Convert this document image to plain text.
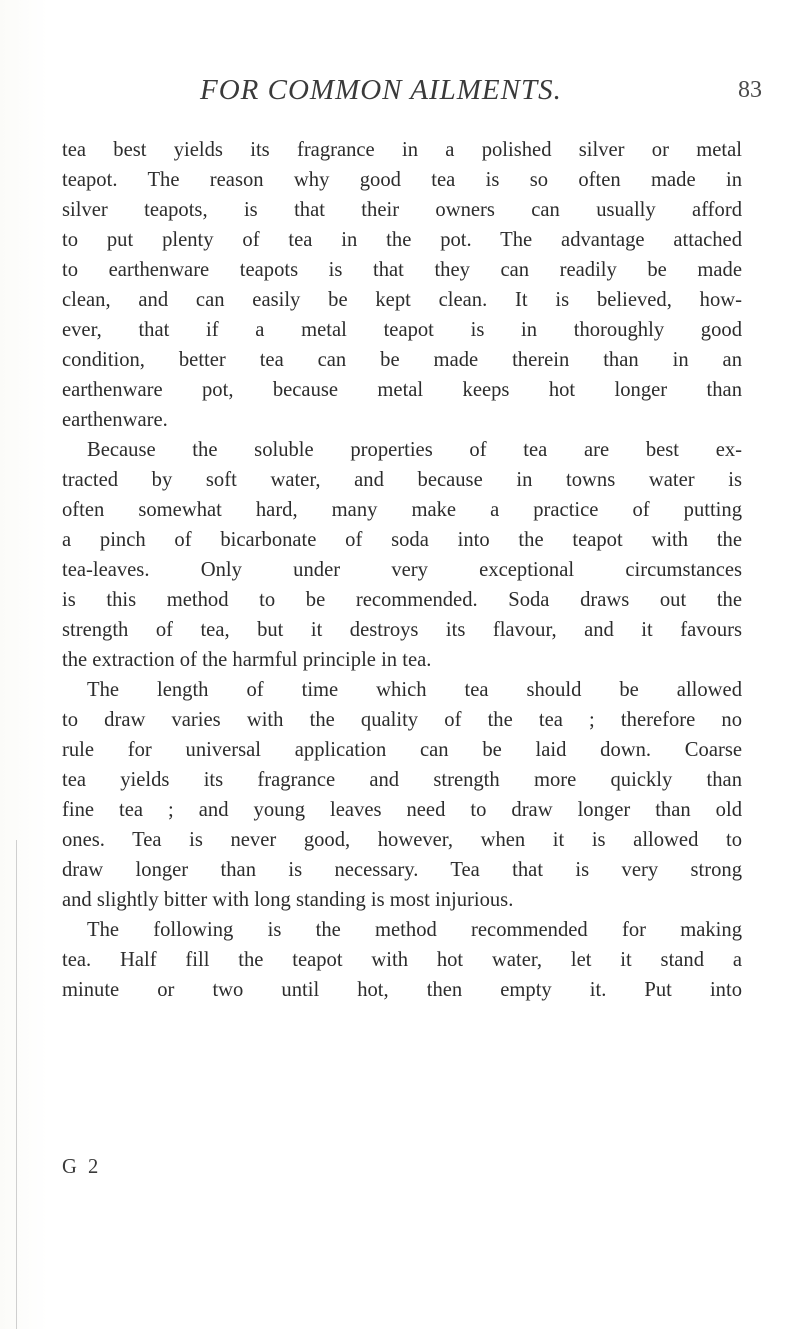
FOR COMMON AILMENTS.	83
tea best yields its fragrance in a polished silver or metal
teapot. The reason why good tea is so often made in
silver teapots, is that their owners can usually afford
to put plenty of tea in the pot. The advantage attached
to earthenware teapots is that they can readily be made
clean, and can easily be kept clean. It is believed, how-
ever, that if a metal teapot is in thoroughly good
condition, better tea can be made therein than in an
earthenware pot, because metal keeps hot longer than
earthenware.
Because the soluble properties of tea are best ex-
tracted by soft water, and because in towns water is
often somewhat hard, many make a practice of putting
a pinch of bicarbonate of soda into the teapot with the
tea-leaves. Only under very exceptional circumstances
is this method to be recommended. Soda draws out the
strength of tea, but it destroys its flavour, and it favours
the extraction of the harmful principle in tea.
The length of time which tea should be allowed
to draw varies with the quality of the tea ; therefore no
rule for universal application can be laid down. Coarse
tea yields its fragrance and strength more quickly than
fine tea ; and young leaves need to draw longer than old
ones. Tea is never good, however, when it is allowed to
draw longer than is necessary. Tea that is very strong
and slightly bitter with long standing is most injurious.
The following is the method recommended for making
tea. Half fill the teapot with hot water, let it stand a
minute or two until hot, then empty it. Put into
G 2
